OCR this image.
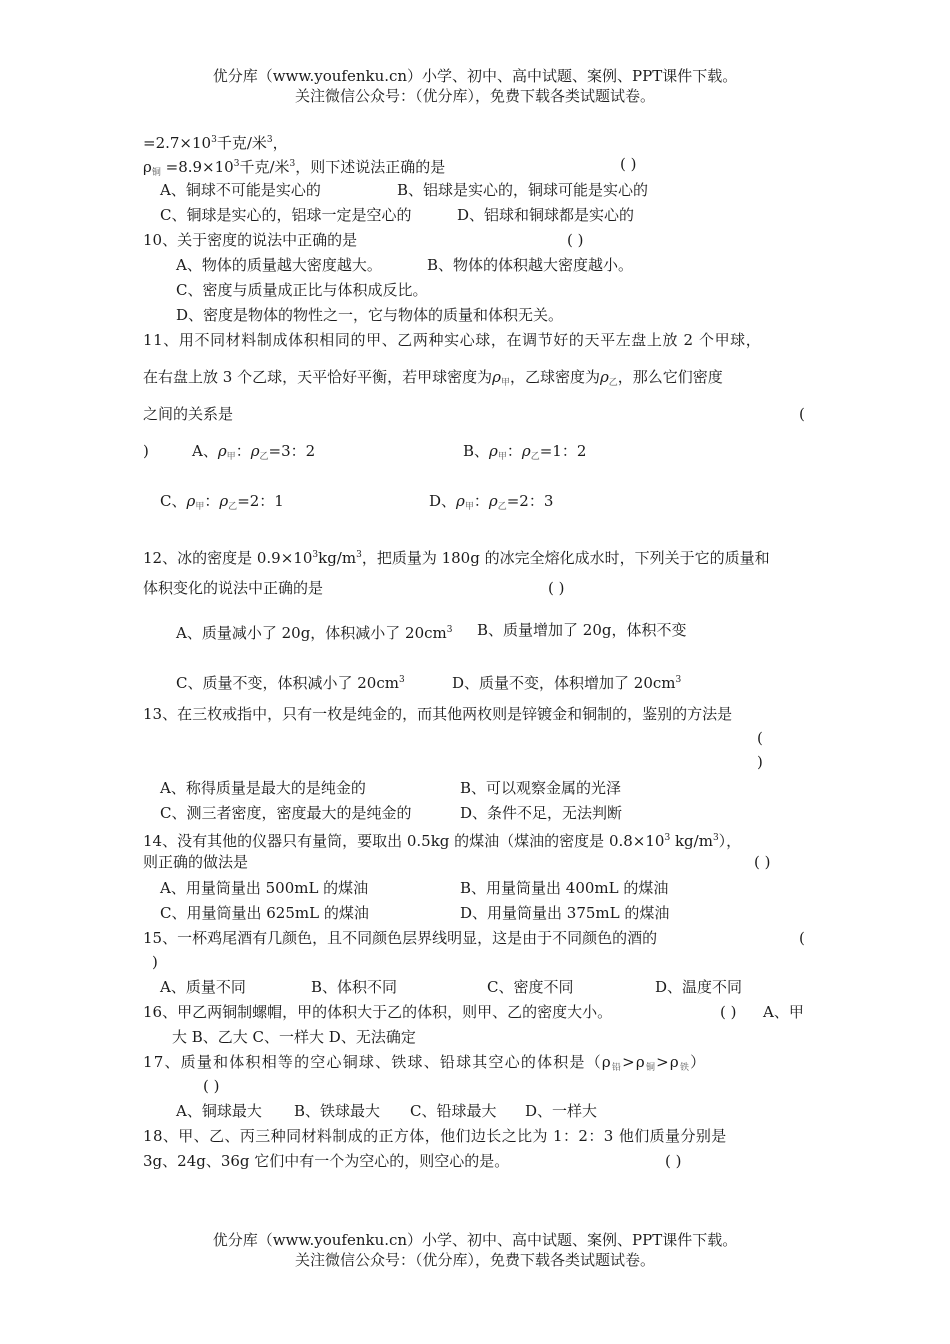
优分库（www.youfenku.cn）小学、初中、高中试题、案例、PPT课件下载。
关注微信公众号：（优分库），免费下载各类试题试卷。
$=2.7\times 10^3$千克/米$^3$，
$\rho_铜 =8.9\times 10^3$千克/米$^3$，则下述说法正确的是	( )
A、铜球不可能是实心的	B、铝球是实心的，铜球可能是实心的
C、铜球是实心的，铝球一定是空心的	D、铝球和铜球都是实心的
10、关于密度的说法中正确的是	( )
A、物体的质量越大密度越大。	B、物体的体积越大密度越小。
C、密度与质量成正比与体积成反比。
D、密度是物体的物性之一，它与物体的质量和体积无关。
11、用不同材料制成体积相同的甲、乙两种实心球，在调节好的天平左盘上放 2 个甲球，
在右盘上放 3 个乙球，天平恰好平衡，若甲球密度为$\rho_甲$，乙球密度为$\rho_乙$，那么它们密度
之间的关系是	(
)	A、$\rho_甲$：$\rho_乙=3$：2	B、$\rho_甲$：$\rho_乙=1$：2
C、$\rho_甲$：$\rho_乙=2$：1	D、$\rho_甲$：$\rho_乙=2$：3
12、冰的密度是 $0.9\times 10^3kg/m^3$，把质量为 180g 的冰完全熔化成水时，下列关于它的质量和
体积变化的说法中正确的是	( )
A、质量减小了 20g，体积减小了 $20cm^3$ B、质量增加了 20g，体积不变
C、质量不变，体积减小了 $20cm^3$	D、质量不变，体积增加了 $20cm^3$
13、在三枚戒指中，只有一枚是纯金的，而其他两枚则是锌镀金和铜制的，鉴别的方法是
(
)
A、称得质量是最大的是纯金的	B、可以观察金属的光泽
C、测三者密度，密度最大的是纯金的	D、条件不足，无法判断
14、没有其他的仪器只有量筒，要取出 0.5kg 的煤油（煤油的密度是 $0.8\times 10^3$ $kg/m^3$），
则正确的做法是	( )
A、用量筒量出 500mL 的煤油	B、用量筒量出 400mL 的煤油
C、用量筒量出 625mL 的煤油	D、用量筒量出 375mL 的煤油
15、一杯鸡尾酒有几颜色，且不同颜色层界线明显，这是由于不同颜色的酒的	(
)
A、质量不同	B、体积不同	C、密度不同	D、温度不同
16、甲乙两铜制螺帽，甲的体积大于乙的体积，则甲、乙的密度大小。	( ) A、甲
大 B、乙大 C、一样大 D、无法确定
17、质量和体积相等的空心铜球、铁球、铅球其空心的体积是$(\rho_铅>\rho_铜>\rho_铁)$
( )
A、铜球最大 B、铁球最大 C、铅球最大 D、一样大
18、甲、乙、丙三种同材料制成的正方体，他们边长之比为 1：2：3 他们质量分别是
3g、24g、36g 它们中有一个为空心的，则空心的是。	( )
优分库（www.youfenku.cn）小学、初中、高中试题、案例、PPT课件下载。
关注微信公众号：（优分库），免费下载各类试题试卷。
